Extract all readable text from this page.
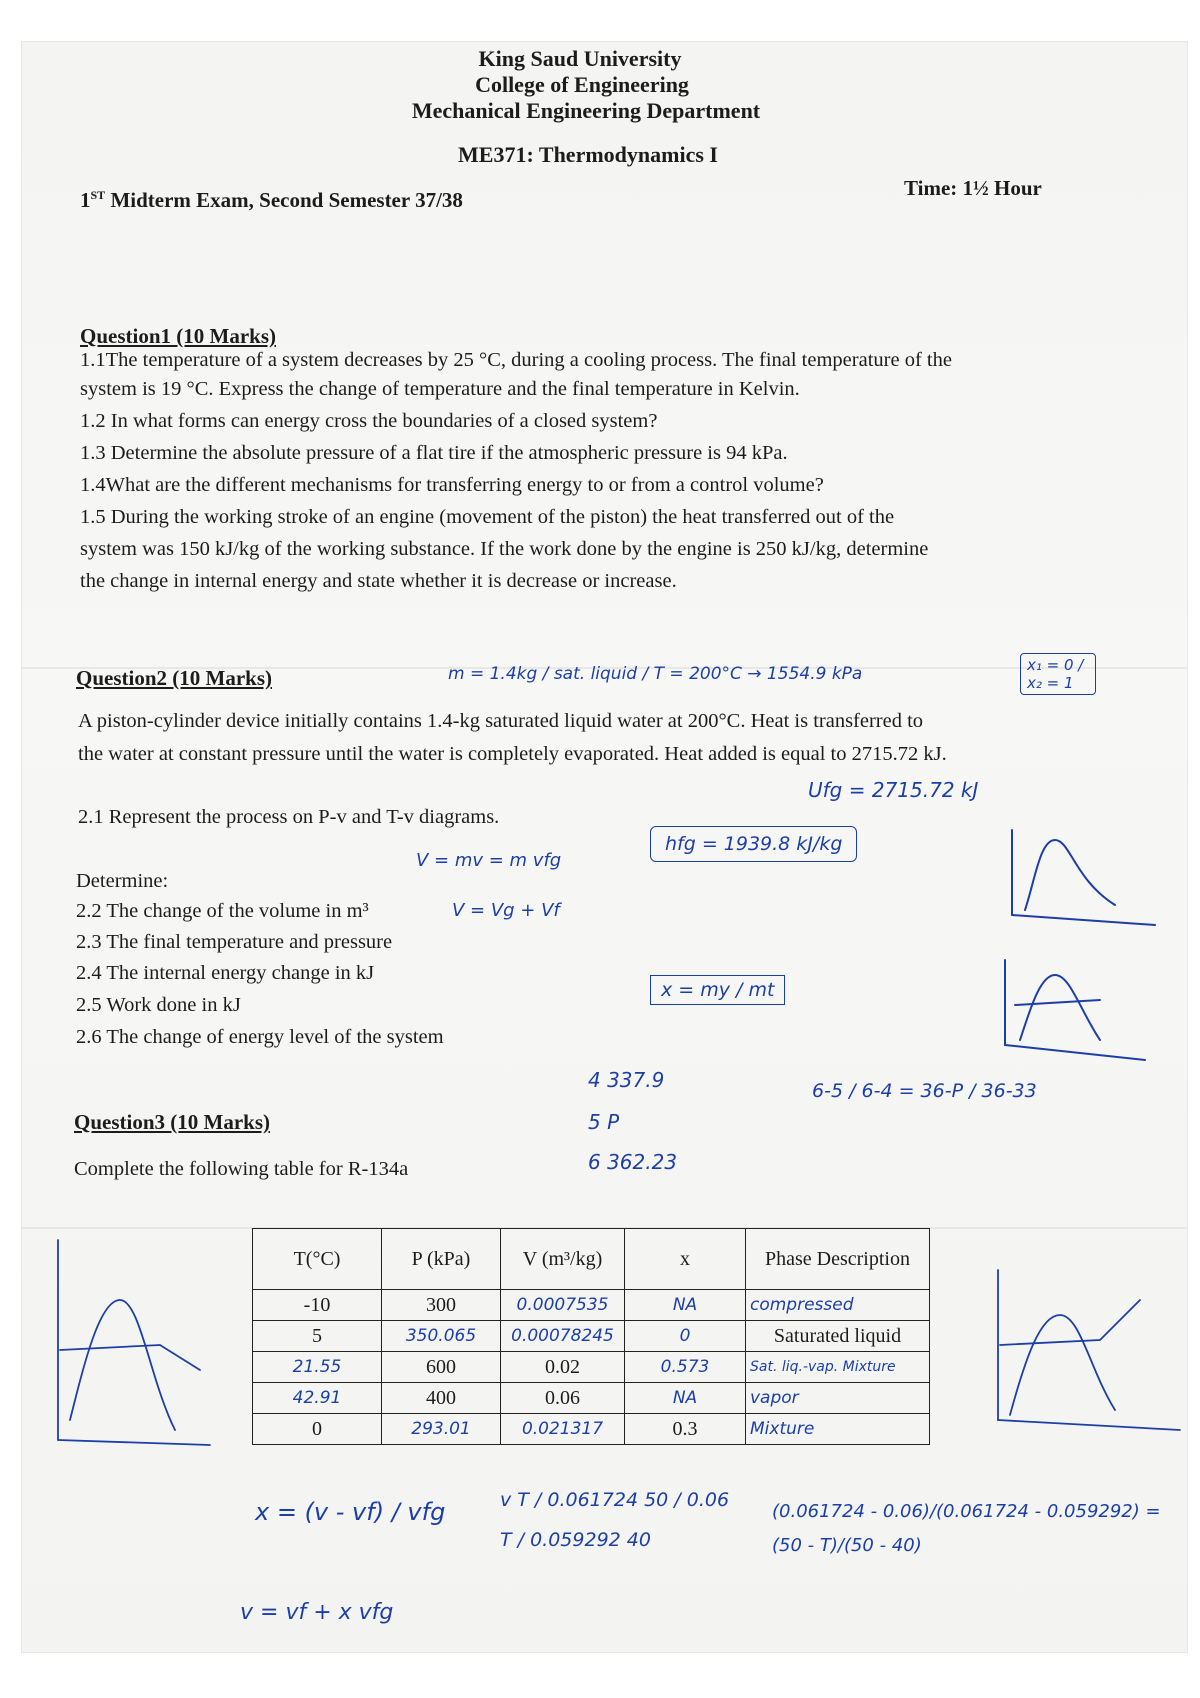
King Saud University
College of Engineering
Mechanical Engineering Department
ME371: Thermodynamics I
1ST Midterm Exam, Second Semester 37/38	Time: 1½ Hour
Question1 (10 Marks)
1.1The temperature of a system decreases by 25 °C, during a cooling process. The final temperature of the
system is 19 °C. Express the change of temperature and the final temperature in Kelvin.
1.2 In what forms can energy cross the boundaries of a closed system?
1.3 Determine the absolute pressure of a flat tire if the atmospheric pressure is 94 kPa.
1.4What are the different mechanisms for transferring energy to or from a control volume?
1.5 During the working stroke of an engine (movement of the piston) the heat transferred out of the
system was 150 kJ/kg of the working substance. If the work done by the engine is 250 kJ/kg, determine
the change in internal energy and state whether it is decrease or increase.
Question2 (10 Marks)
A piston-cylinder device initially contains 1.4-kg saturated liquid water at 200°C. Heat is transferred to
the water at constant pressure until the water is completely evaporated. Heat added is equal to 2715.72 kJ.
2.1 Represent the process on P-v and T-v diagrams.
Determine:
2.2 The change of the volume in m³
2.3 The final temperature and pressure
2.4 The internal energy change in kJ
2.5 Work done in kJ
2.6 The change of energy level of the system
Question3 (10 Marks)
Complete the following table for R-134a
T(°C)	P (kPa)	V (m³/kg)	x	Phase Description
-10	300	0.0007535	NA	compressed
5	350.065	0.00078245	0	Saturated liquid
21.55	600	0.02	0.573	Sat. liq.-vap. Mixture
42.91	400	0.06	NA	vapor
0	293.01	0.021317	0.3	Mixture
m = 1.4kg / sat. liquid / T = 200°C → 1554.9 kPa	x₁ = 0 / x₂ = 1
Ufg = 2715.72 kJ
hfg = 1939.8 kJ/kg
V = mv = m vfg
V = Vg + Vf
x = my / mt
4 337.9
5 P
6 362.23
6-5 / 6-4 = 36-P / 36-33
x = (v - vf) / vfg
v = vf + x vfg
v T / 0.061724 50 / 0.06 T / 0.059292 40
(0.061724 - 0.06)/(0.061724 - 0.059292) = (50 - T)/(50 - 40)
